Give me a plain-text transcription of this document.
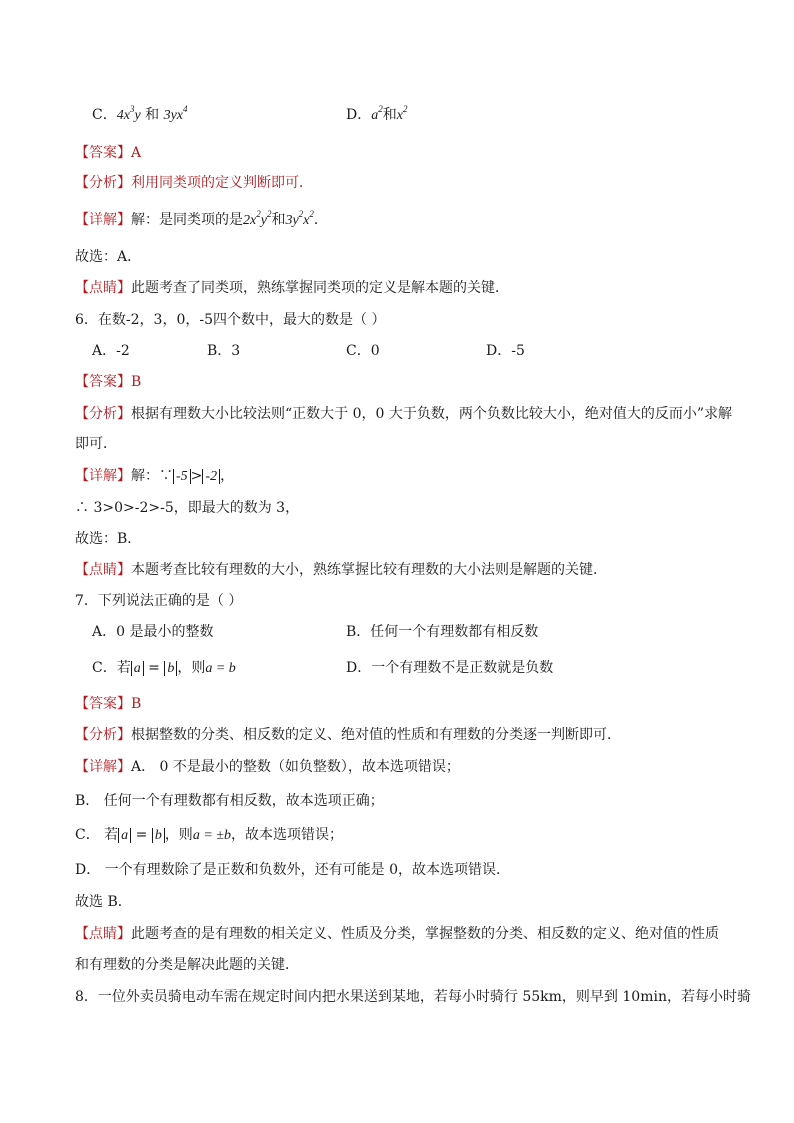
C．$4x^3y$ 和 $3yx^4$	D．$a^2$和$x^2$
【答案】A
【分析】利用同类项的定义判断即可．
【详解】解：是同类项的是$2x^2y^2$和$3y^2x^2$．
故选：A．
【点睛】此题考查了同类项，熟练掌握同类项的定义是解本题的关键．
6．在数-2，3，0，-5四个数中，最大的数是（ ）
A．-2	B．3	C．0	D．-5
【答案】B
【分析】根据有理数大小比较法则“正数大于 0，0 大于负数，两个负数比较大小，绝对值大的反而小”求解
即可．
【详解】解：∵ -5 > -2 ，
∴ 3>0>-2>-5，即最大的数为 3，
故选：B．
【点睛】本题考查比较有理数的大小，熟练掌握比较有理数的大小法则是解题的关键．
7．下列说法正确的是（ ）
A．0 是最小的整数	B．任何一个有理数都有相反数
C．若 a = b ，则a = b	D．一个有理数不是正数就是负数
【答案】B
【分析】根据整数的分类、相反数的定义、绝对值的性质和有理数的分类逐一判断即可．
【详解】A． 0 不是最小的整数（如负整数），故本选项错误；
B． 任何一个有理数都有相反数，故本选项正确；
C． 若 a = b ，则a = ±b，故本选项错误；
D． 一个有理数除了是正数和负数外，还有可能是 0，故本选项错误．
故选 B．
【点睛】此题考查的是有理数的相关定义、性质及分类，掌握整数的分类、相反数的定义、绝对值的性质
和有理数的分类是解决此题的关键．
8．一位外卖员骑电动车需在规定时间内把水果送到某地，若每小时骑行 55km，则早到 10min，若每小时骑
